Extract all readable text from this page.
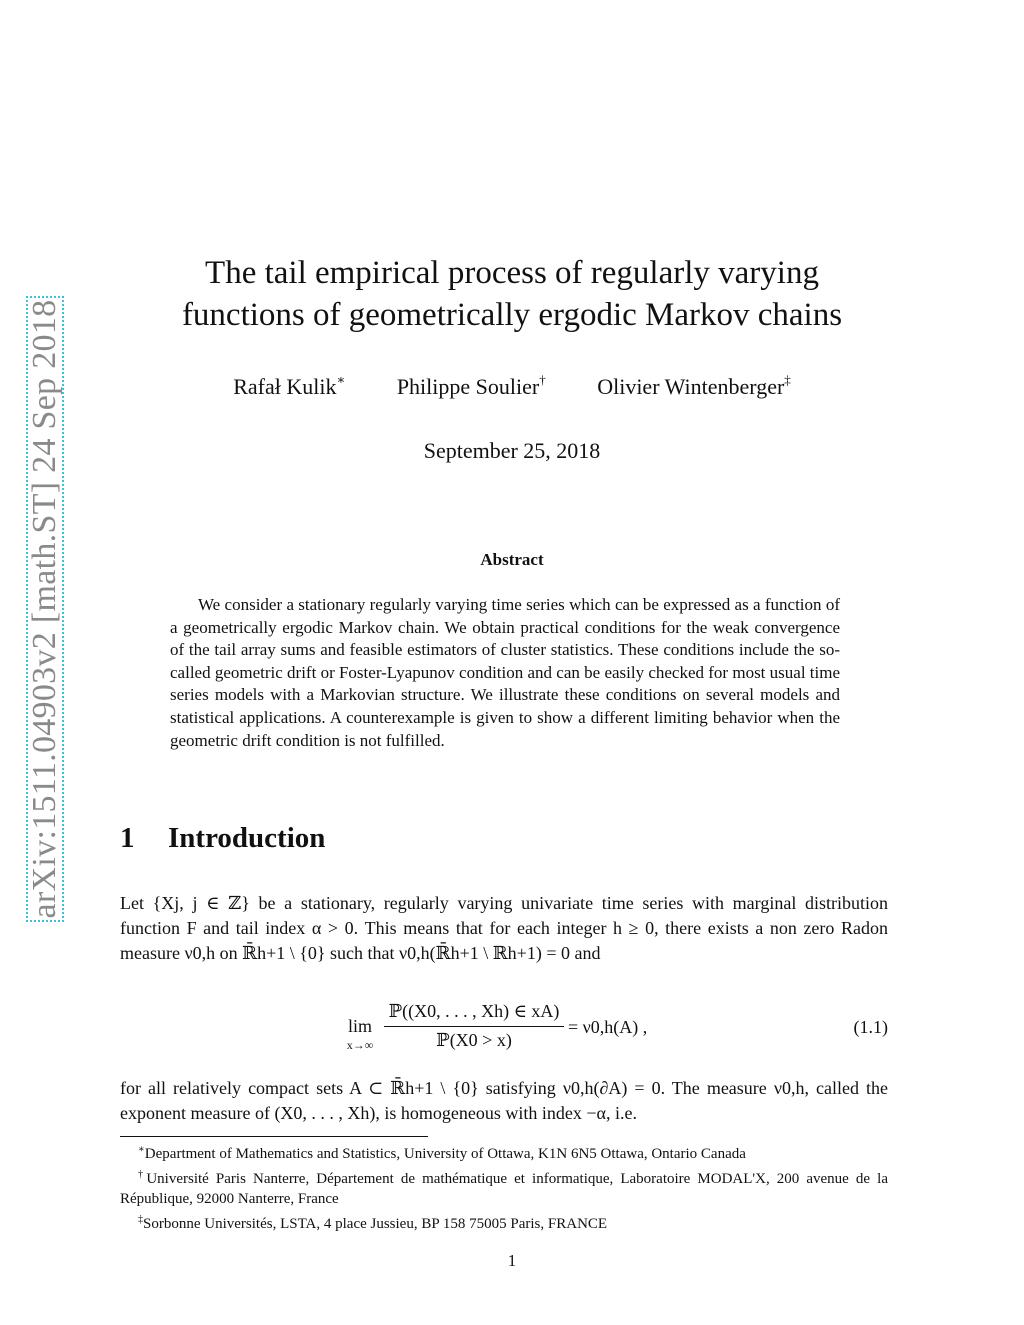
arXiv:1511.04903v2 [math.ST] 24 Sep 2018
The tail empirical process of regularly varying
functions of geometrically ergodic Markov chains
Rafał Kulik∗ Philippe Soulier† Olivier Wintenberger‡
September 25, 2018
Abstract
We consider a stationary regularly varying time series which can be expressed as a function of a geometrically ergodic Markov chain. We obtain practical conditions for the weak convergence of the tail array sums and feasible estimators of cluster statistics. These conditions include the so-called geometric drift or Foster-Lyapunov condition and can be easily checked for most usual time series models with a Markovian structure. We illustrate these conditions on several models and statistical applications. A counterexample is given to show a different limiting behavior when the geometric drift condition is not fulfilled.
1 Introduction
Let {Xj, j ∈ ℤ} be a stationary, regularly varying univariate time series with marginal distribution function F and tail index α > 0. This means that for each integer h ≥ 0, there exists a non zero Radon measure ν0,h on ℝ̄h+1 \ {0} such that ν0,h(ℝ̄h+1 \ ℝh+1) = 0 and
lim
x→∞
ℙ((X0, . . . , Xh) ∈ xA)
ℙ(X0 > x)
= ν0,h(A) ,	(1.1)
for all relatively compact sets A ⊂ ℝ̄h+1 \ {0} satisfying ν0,h(∂A) = 0. The measure ν0,h, called the exponent measure of (X0, . . . , Xh), is homogeneous with index −α, i.e.
∗Department of Mathematics and Statistics, University of Ottawa, K1N 6N5 Ottawa, Ontario Canada
†Université Paris Nanterre, Département de mathématique et informatique, Laboratoire MODAL'X, 200 avenue de la République, 92000 Nanterre, France
‡Sorbonne Universités, LSTA, 4 place Jussieu, BP 158 75005 Paris, FRANCE
1
